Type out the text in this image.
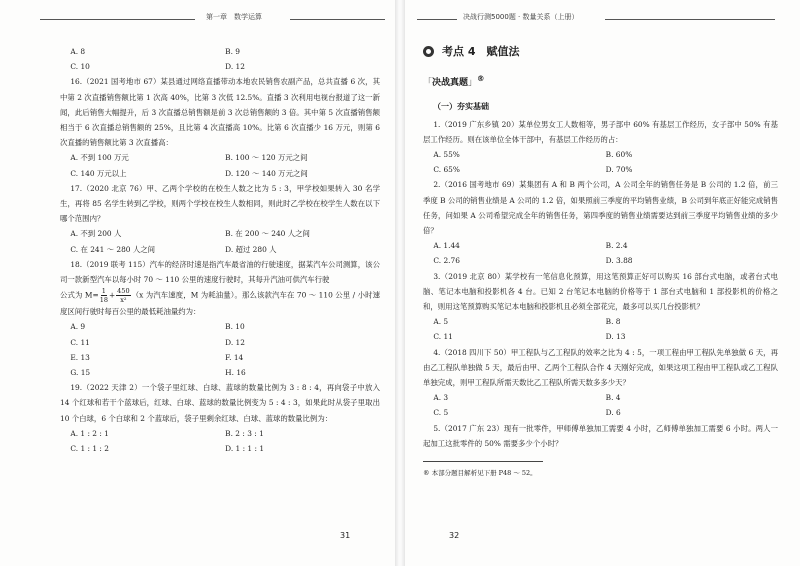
第一章　数学运算
A. 8	B. 9
C. 10	D. 12

16.（2021 国考地市 67）某县通过网络直播带动本地农民销售农副产品，总共直播 6 次，其中第 2 次直播销售额比第 1 次高 40%，比第 3 次低 12.5%。直播 3 次利用电视台报道了这一新闻，此后销售大幅提升，后 3 次直播总销售额是前 3 次总销售额的 3 倍。其中第 5 次直播销售额相当于 6 次直播总销售额的 25%，且比第 4 次直播高 10%。比第 6 次直播少 16 万元，则第 6 次直播的销售额比第 3 次直播高：

A. 不到 100 万元	B. 100 ～ 120 万元之间
C. 140 万元以上	D. 120 ～ 140 万元之间

17.（2020 北京 76）甲、乙两个学校的在校生人数之比为 5 : 3，甲学校如果转入 30 名学生，再将 85 名学生转到乙学校，则两个学校在校生人数相同，则此时乙学校在校学生人数在以下哪个范围内？

A. 不到 200 人	B. 在 200 ～ 240 人之间
C. 在 241 ～ 280 人之间	D. 超过 280 人

18.（2019 联考 115）汽车的经济时速是指汽车最省油的行驶速度，据某汽车公司测算，该公司一款新型汽车以每小时 70 ～ 110 公里的速度行驶时，其每升汽油可供汽车行驶

公式为 $M= \frac{1}{18} + \frac{450}{\text{x²}} (x$ 为汽车速度，M 为耗油量）。那么该款汽车在 70 ～ 110 公里 / 小时速度区间行驶时每百公里的最低耗油量约为：

A. 9	B. 10
C. 11	D. 12
E. 13	F. 14
G. 15	H. 16

19.（2022 天津 2）一个袋子里红球、白球、蓝球的数量比例为 3 : 8 : 4，再向袋子中放入 14 个红球和若干个蓝球后，红球、白球、蓝球的数量比例变为 5 : 4 : 3，如果此时从袋子里取出 10 个白球，6 个白球和 2 个蓝球后，袋子里剩余红球、白球、蓝球的数量比例为：

A. 1 : 2 : 1	B. 2 : 3 : 1
C. 1 : 1 : 2	D. 1 : 1 : 1
31
决战行测5000题 · 数量关系（上册）
考点 4　赋值法
「决战真题」®
（一）夯实基础

1.（2019 广东乡镇 20）某单位男女工人数相等，男子部中 60% 有基层工作经历，女子部中 50% 有基层工作经历。则在该单位全体干部中，有基层工作经历的占：

A. 55%	B. 60%
C. 65%	D. 70%

2.（2016 国考地市 69）某集团有 A 和 B 两个公司，A 公司全年的销售任务是 B 公司的 1.2 倍，前三季度 B 公司的销售业绩是 A 公司的 1.2 倍，如果照前三季度的平均销售业绩，B 公司到年底正好能完成销售任务，问如果 A 公司希望完成全年的销售任务，第四季度的销售业绩需要达到前三季度平均销售业绩的多少倍？

A. 1.44	B. 2.4
C. 2.76	D. 3.88

3.（2019 北京 80）某学校有一笔信息化预算，用这笔预算正好可以购买 16 部台式电脑，或者台式电脑、笔记本电脑和投影机各 4 台。已知 2 台笔记本电脑的价格等于 1 部台式电脑和 1 部投影机的价格之和，则用这笔预算购买笔记本电脑和投影机且必须全部花完，最多可以买几台投影机？

A. 5	B. 8
C. 11	D. 13

4.（2018 四川下 50）甲工程队与乙工程队的效率之比为 4 : 5，一项工程由甲工程队先单独做 6 天，再由乙工程队单独做 5 天，最后由甲、乙两个工程队合作 4 天刚好完成，如果这项工程由甲工程队或乙工程队单独完成，则甲工程队所需天数比乙工程队所需天数多多少天？

A. 3	B. 4
C. 5	D. 6

5.（2017 广东 23）现有一批零件，甲师傅单独加工需要 4 小时，乙师傅单独加工需要 6 小时。两人一起加工这批零件的 50% 需要多少个小时？

® 本部分题目解析见下册 P48 ～ 52。
32
